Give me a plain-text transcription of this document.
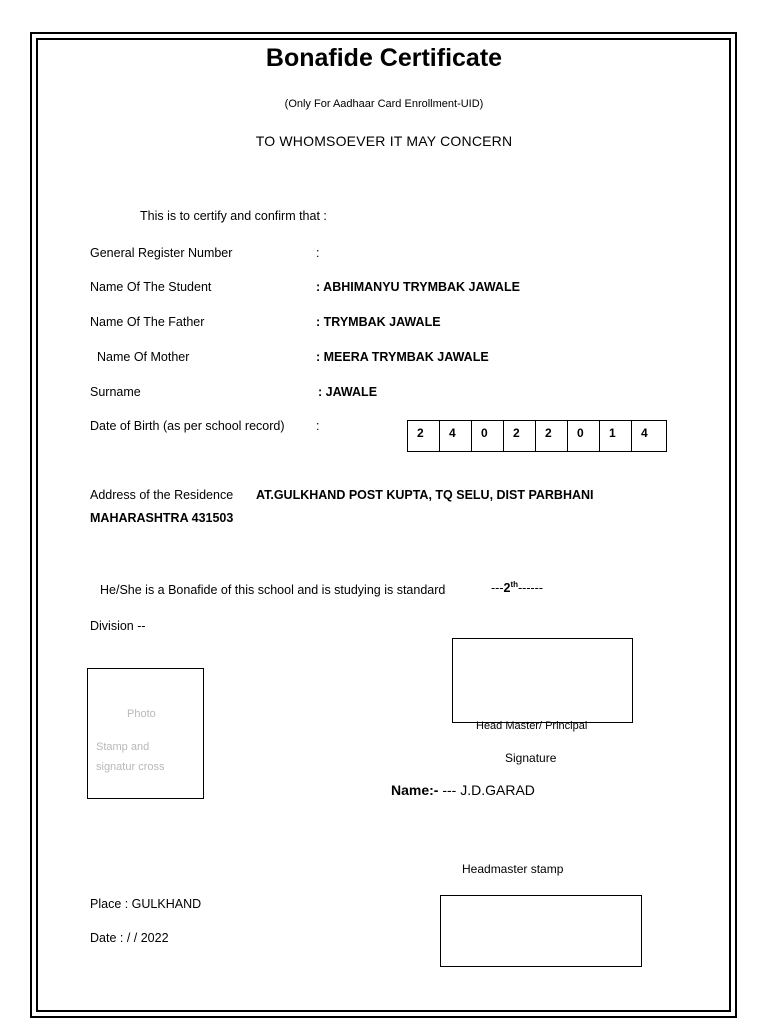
Bonafide Certificate
(Only For Aadhaar Card Enrollment-UID)
TO WHOMSOEVER IT MAY CONCERN
This is to certify and confirm that :
General Register Number	:
Name Of The Student	: ABHIMANYU TRYMBAK JAWALE
Name Of The Father	: TRYMBAK JAWALE
Name Of Mother	: MEERA TRYMBAK JAWALE
Surname	: JAWALE
Date of Birth (as per school record)	:	2	4	0	2	2	0	1	4
Address of the Residence AT.GULKHAND POST KUPTA, TQ SELU, DIST PARBHANI
MAHARASHTRA 431503
He/She is a Bonafide of this school and is studying is standard	---2th------
Division --
Photo
Stamp and
signatur cross
Head Master/ Principal
Signature
Name:- --- J.D.GARAD
Headmaster stamp
Place : GULKHAND
Date : / / 2022
